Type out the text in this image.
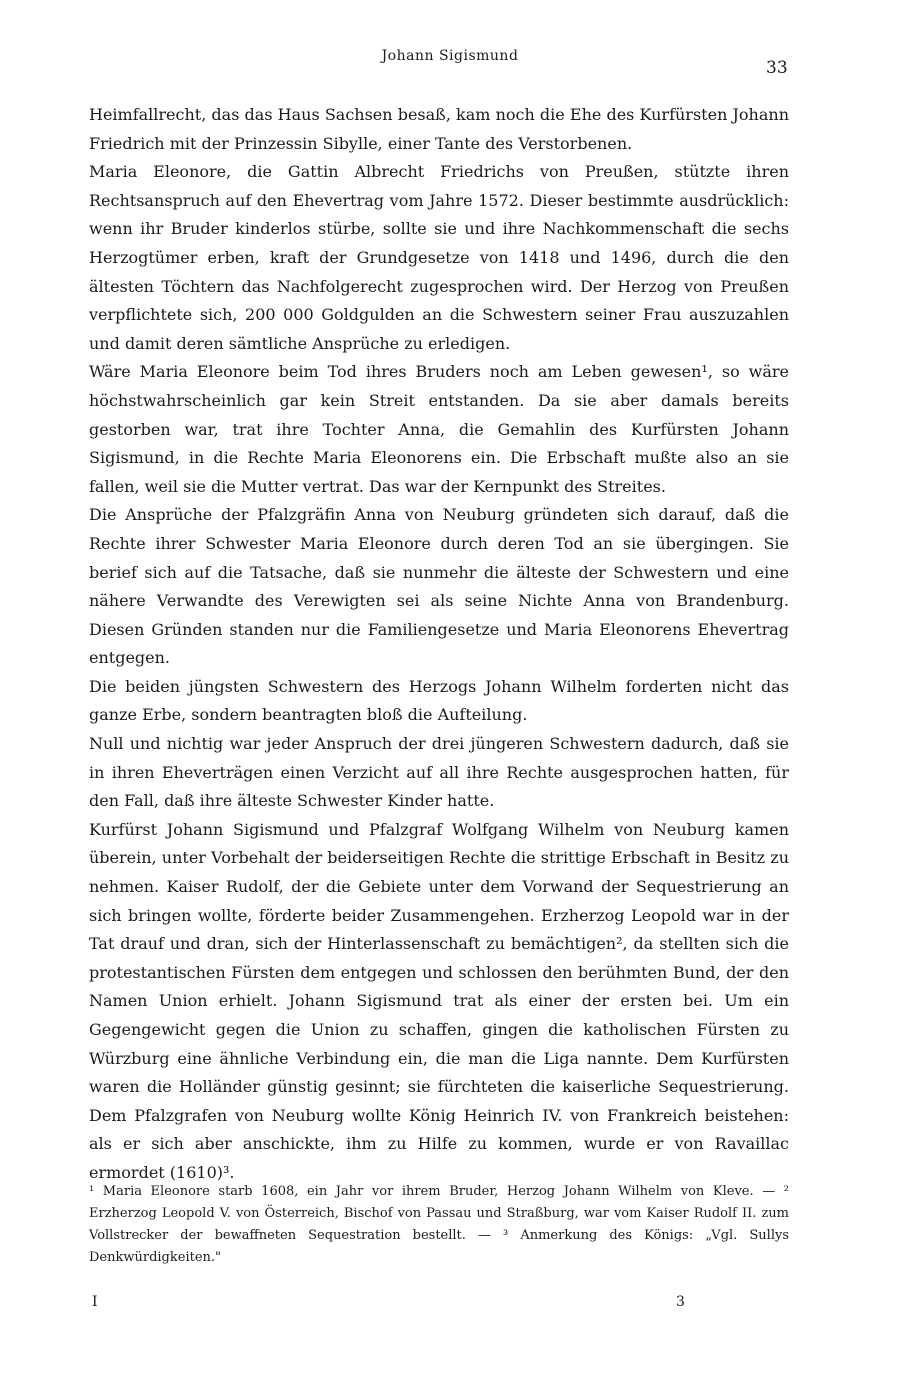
Johann Sigismund
33

Heimfallrecht, das das Haus Sachsen besaß, kam noch die Ehe des Kurfürsten Johann Friedrich mit der Prinzessin Sibylle, einer Tante des Verstorbenen.

Maria Eleonore, die Gattin Albrecht Friedrichs von Preußen, stützte ihren Rechtsanspruch auf den Ehevertrag vom Jahre 1572. Dieser bestimmte ausdrücklich: wenn ihr Bruder kinderlos stürbe, sollte sie und ihre Nachkommenschaft die sechs Herzogtümer erben, kraft der Grundgesetze von 1418 und 1496, durch die den ältesten Töchtern das Nachfolgerecht zugesprochen wird. Der Herzog von Preußen verpflichtete sich, 200 000 Goldgulden an die Schwestern seiner Frau auszuzahlen und damit deren sämtliche Ansprüche zu erledigen.

Wäre Maria Eleonore beim Tod ihres Bruders noch am Leben gewesen¹, so wäre höchstwahrscheinlich gar kein Streit entstanden. Da sie aber damals bereits gestorben war, trat ihre Tochter Anna, die Gemahlin des Kurfürsten Johann Sigismund, in die Rechte Maria Eleonorens ein. Die Erbschaft mußte also an sie fallen, weil sie die Mutter vertrat. Das war der Kernpunkt des Streites.

Die Ansprüche der Pfalzgräfin Anna von Neuburg gründeten sich darauf, daß die Rechte ihrer Schwester Maria Eleonore durch deren Tod an sie übergingen. Sie berief sich auf die Tatsache, daß sie nunmehr die älteste der Schwestern und eine nähere Verwandte des Verewigten sei als seine Nichte Anna von Brandenburg. Diesen Gründen standen nur die Familiengesetze und Maria Eleonorens Ehevertrag entgegen.

Die beiden jüngsten Schwestern des Herzogs Johann Wilhelm forderten nicht das ganze Erbe, sondern beantragten bloß die Aufteilung.

Null und nichtig war jeder Anspruch der drei jüngeren Schwestern dadurch, daß sie in ihren Eheverträgen einen Verzicht auf all ihre Rechte ausgesprochen hatten, für den Fall, daß ihre älteste Schwester Kinder hatte.

Kurfürst Johann Sigismund und Pfalzgraf Wolfgang Wilhelm von Neuburg kamen überein, unter Vorbehalt der beiderseitigen Rechte die strittige Erbschaft in Besitz zu nehmen. Kaiser Rudolf, der die Gebiete unter dem Vorwand der Sequestrierung an sich bringen wollte, förderte beider Zusammengehen. Erzherzog Leopold war in der Tat drauf und dran, sich der Hinterlassenschaft zu bemächtigen², da stellten sich die protestantischen Fürsten dem entgegen und schlossen den berühmten Bund, der den Namen Union erhielt. Johann Sigismund trat als einer der ersten bei. Um ein Gegengewicht gegen die Union zu schaffen, gingen die katholischen Fürsten zu Würzburg eine ähnliche Verbindung ein, die man die Liga nannte. Dem Kurfürsten waren die Holländer günstig gesinnt; sie fürchteten die kaiserliche Sequestrierung. Dem Pfalzgrafen von Neuburg wollte König Heinrich IV. von Frankreich beistehen: als er sich aber anschickte, ihm zu Hilfe zu kommen, wurde er von Ravaillac ermordet (1610)³.

¹ Maria Eleonore starb 1608, ein Jahr vor ihrem Bruder, Herzog Johann Wilhelm von Kleve. — ² Erzherzog Leopold V. von Österreich, Bischof von Passau und Straßburg, war vom Kaiser Rudolf II. zum Vollstrecker der bewaffneten Sequestration bestellt. — ³ Anmerkung des Königs: „Vgl. Sullys Denkwürdigkeiten."

I	3
